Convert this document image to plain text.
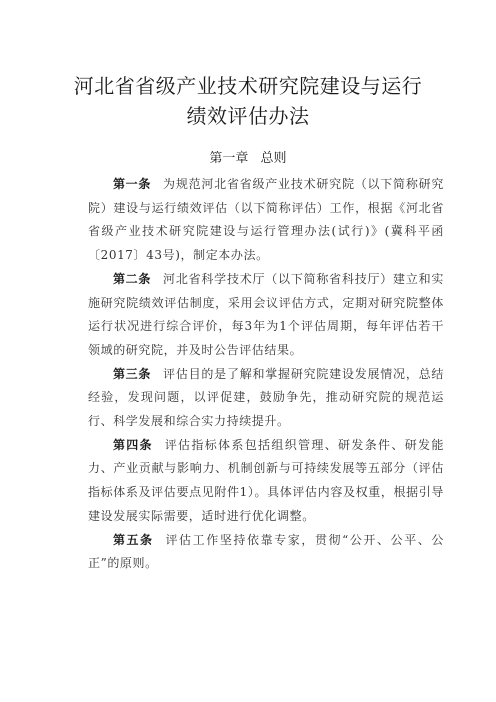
河北省省级产业技术研究院建设与运行
绩效评估办法
第一章 总则

第一条 为规范河北省省级产业技术研究院（以下简称研究院）建设与运行绩效评估（以下简称评估）工作，根据《河北省省级产业技术研究院建设与运行管理办法(试行)》(冀科平函〔2017〕43号)，制定本办法。

第二条 河北省科学技术厅（以下简称省科技厅）建立和实施研究院绩效评估制度，采用会议评估方式，定期对研究院整体运行状况进行综合评价，每3年为1个评估周期，每年评估若干领域的研究院，并及时公告评估结果。

第三条 评估目的是了解和掌握研究院建设发展情况，总结经验，发现问题，以评促建，鼓励争先，推动研究院的规范运行、科学发展和综合实力持续提升。

第四条 评估指标体系包括组织管理、研发条件、研发能力、产业贡献与影响力、机制创新与可持续发展等五部分（评估指标体系及评估要点见附件1）。具体评估内容及权重，根据引导建设发展实际需要，适时进行优化调整。

第五条 评估工作坚持依靠专家，贯彻“公开、公平、公正”的原则。
